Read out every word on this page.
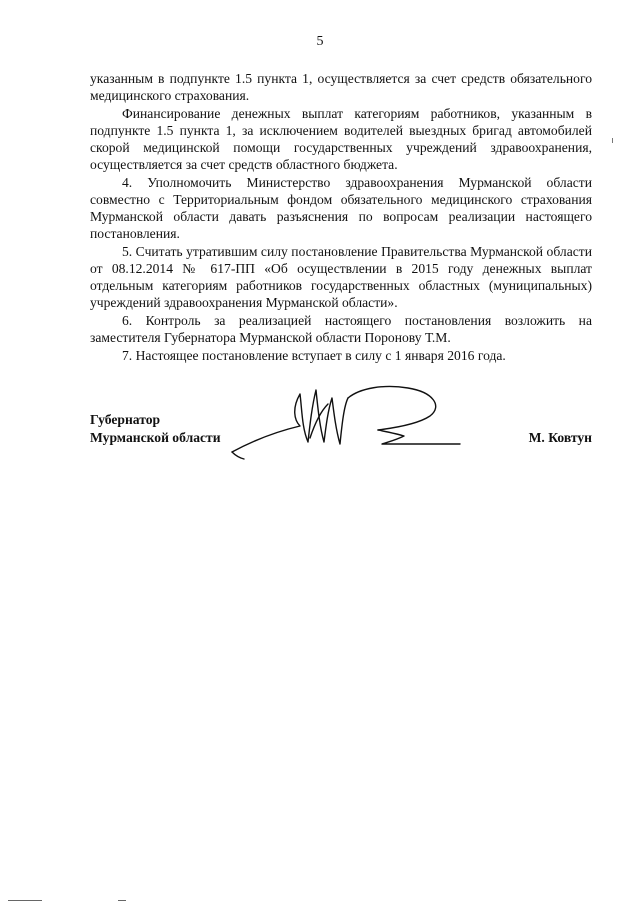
5

указанным в подпункте 1.5 пункта 1, осуществляется за счет средств обязательного медицинского страхования.

Финансирование денежных выплат категориям работников, указанным в подпункте 1.5 пункта 1, за исключением водителей выездных бригад автомобилей скорой медицинской помощи государственных учреждений здравоохранения, осуществляется за счет средств областного бюджета.

4. Уполномочить Министерство здравоохранения Мурманской области совместно с Территориальным фондом обязательного медицинского страхования Мурманской области давать разъяснения по вопросам реализации настоящего постановления.

5. Считать утратившим силу постановление Правительства Мурманской области от 08.12.2014 № 617-ПП «Об осуществлении в 2015 году денежных выплат отдельным категориям работников государственных областных (муниципальных) учреждений здравоохранения Мурманской области».

6. Контроль за реализацией настоящего постановления возложить на заместителя Губернатора Мурманской области Поронову Т.М.

7. Настоящее постановление вступает в силу с 1 января 2016 года.

Губернатор
Мурманской области	М. Ковтун
